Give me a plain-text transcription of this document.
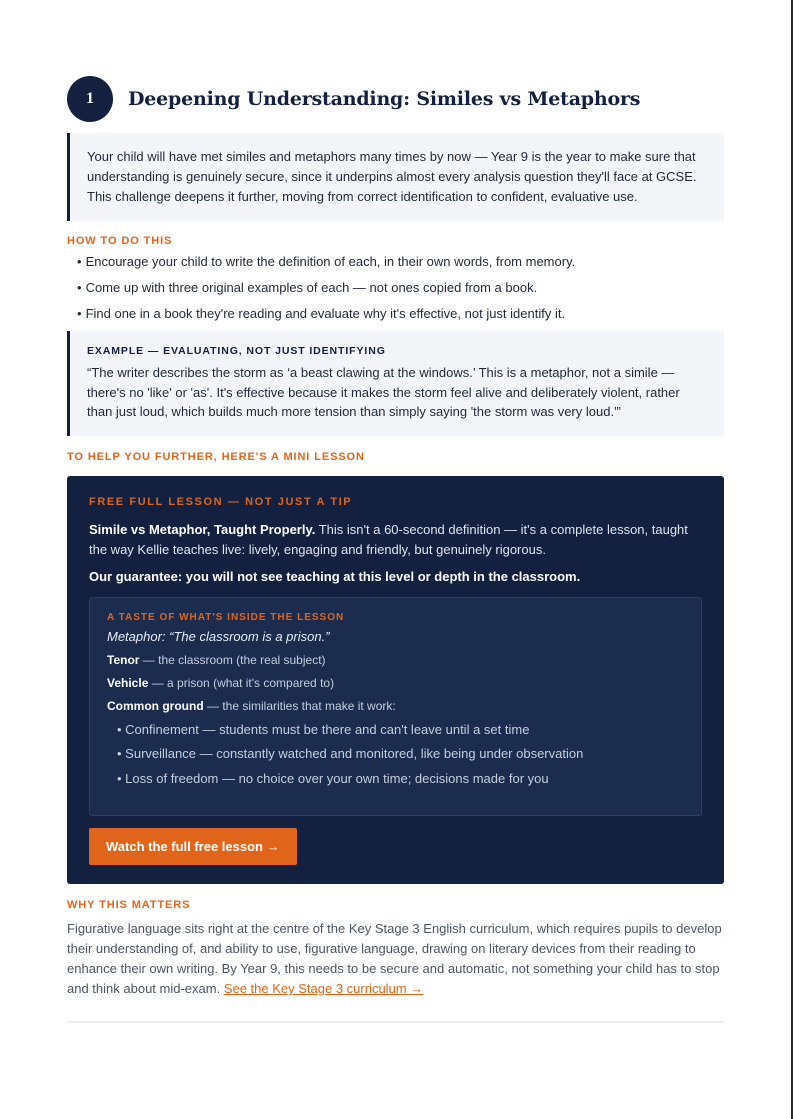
1	Deepening Understanding: Similes vs Metaphors
Your child will have met similes and metaphors many times by now — Year 9 is the year to make sure that understanding is genuinely secure, since it underpins almost every analysis question they'll face at GCSE. This challenge deepens it further, moving from correct identification to confident, evaluative use.
HOW TO DO THIS
• Encourage your child to write the definition of each, in their own words, from memory.
• Come up with three original examples of each — not ones copied from a book.
• Find one in a book they're reading and evaluate why it's effective, not just identify it.
EXAMPLE — EVALUATING, NOT JUST IDENTIFYING
“The writer describes the storm as ‘a beast clawing at the windows.’ This is a metaphor, not a simile — there's no 'like' or 'as'. It's effective because it makes the storm feel alive and deliberately violent, rather than just loud, which builds much more tension than simply saying 'the storm was very loud.'”
TO HELP YOU FURTHER, HERE'S A MINI LESSON
FREE FULL LESSON — NOT JUST A TIP
Simile vs Metaphor, Taught Properly. This isn't a 60-second definition — it's a complete lesson, taught the way Kellie teaches live: lively, engaging and friendly, but genuinely rigorous.
Our guarantee: you will not see teaching at this level or depth in the classroom.
A TASTE OF WHAT'S INSIDE THE LESSON
Metaphor: “The classroom is a prison.”
Tenor — the classroom (the real subject)
Vehicle — a prison (what it's compared to)
Common ground — the similarities that make it work:
• Confinement — students must be there and can't leave until a set time
• Surveillance — constantly watched and monitored, like being under observation
• Loss of freedom — no choice over your own time; decisions made for you
Watch the full free lesson →
WHY THIS MATTERS
Figurative language sits right at the centre of the Key Stage 3 English curriculum, which requires pupils to develop their understanding of, and ability to use, figurative language, drawing on literary devices from their reading to enhance their own writing. By Year 9, this needs to be secure and automatic, not something your child has to stop and think about mid-exam. See the Key Stage 3 curriculum →
